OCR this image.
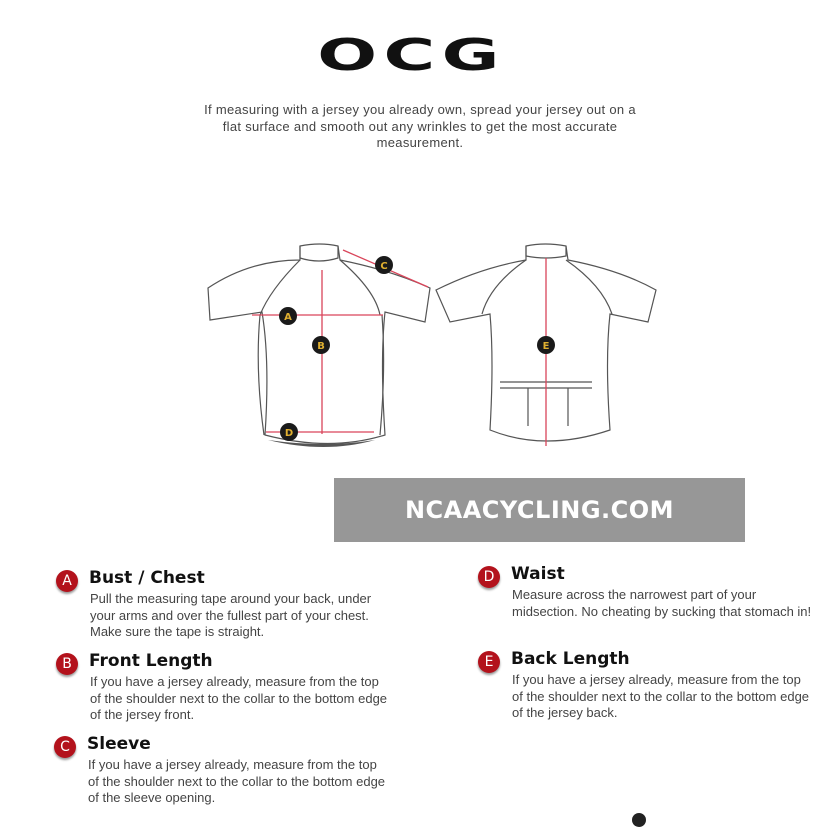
OCG
If measuring with a jersey you already own, spread your jersey out on a flat surface and smooth out any wrinkles to get the most accurate measurement.
A
B
C
D
E
NCAACYCLING.COM
A	Bust / Chest
Pull the measuring tape around your back, under your arms and over the fullest part of your chest. Make sure the tape is straight.
B	Front Length
If you have a jersey already, measure from the top of the shoulder next to the collar to the bottom edge of the jersey front.
C	Sleeve
If you have a jersey already, measure from the top of the shoulder next to the collar to the bottom edge of the sleeve opening.
D Waist
Measure across the narrowest part of your midsection. No cheating by sucking that stomach in!
E	Back Length
If you have a jersey already, measure from the top of the shoulder next to the collar to the bottom edge of the jersey back.
